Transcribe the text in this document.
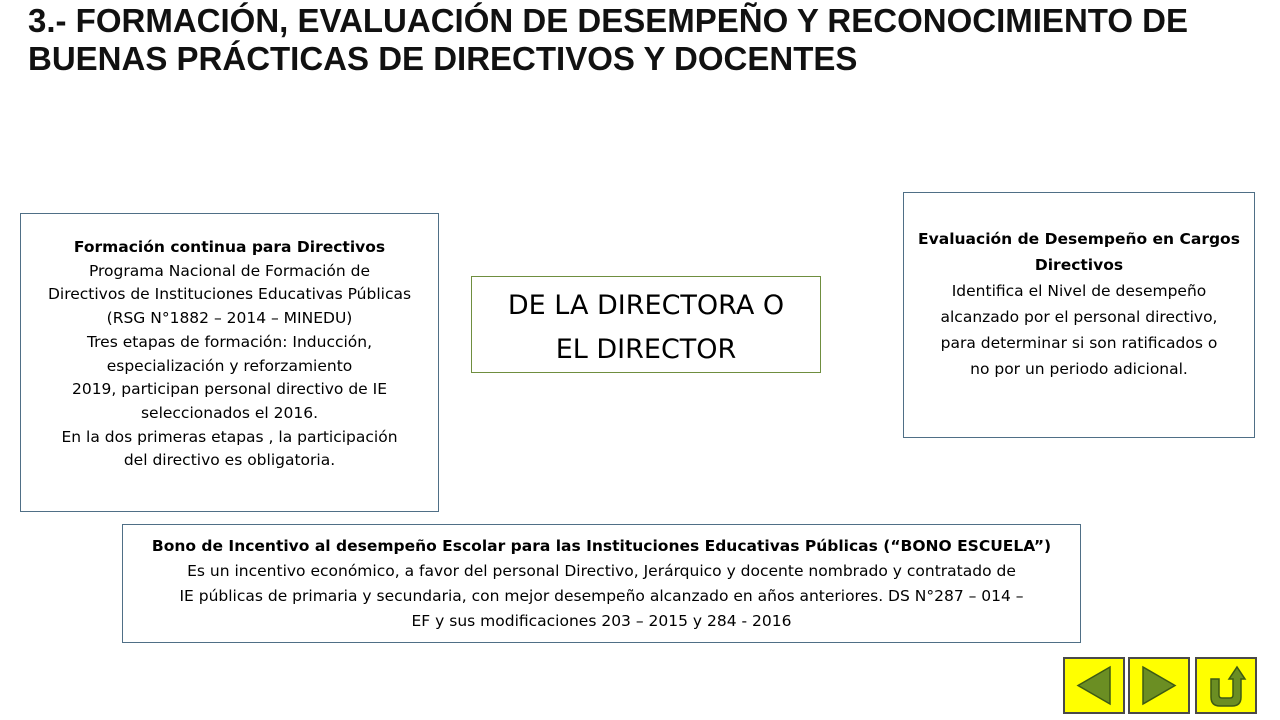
3.- FORMACIÓN, EVALUACIÓN DE DESEMPEÑO Y RECONOCIMIENTO DE BUENAS PRÁCTICAS DE DIRECTIVOS Y DOCENTES
Formación continua para Directivos
Programa Nacional de Formación de
Directivos de Instituciones Educativas Públicas
(RSG N°1882 – 2014 – MINEDU)
Tres etapas de formación: Inducción,
especialización y reforzamiento
2019, participan personal directivo de IE
seleccionados el 2016.
En la dos primeras etapas , la participación
del directivo es obligatoria.
DE LA DIRECTORA O
EL DIRECTOR
Evaluación de Desempeño en Cargos
Directivos
Identifica el Nivel de desempeño
alcanzado por el personal directivo,
para determinar si son ratificados o
no por un periodo adicional.
Bono de Incentivo al desempeño Escolar para las Instituciones Educativas Públicas (“BONO ESCUELA”)
Es un incentivo económico, a favor del personal Directivo, Jerárquico y docente nombrado y contratado de
IE públicas de primaria y secundaria, con mejor desempeño alcanzado en años anteriores. DS N°287 – 014 –
EF y sus modificaciones 203 – 2015 y 284 - 2016
